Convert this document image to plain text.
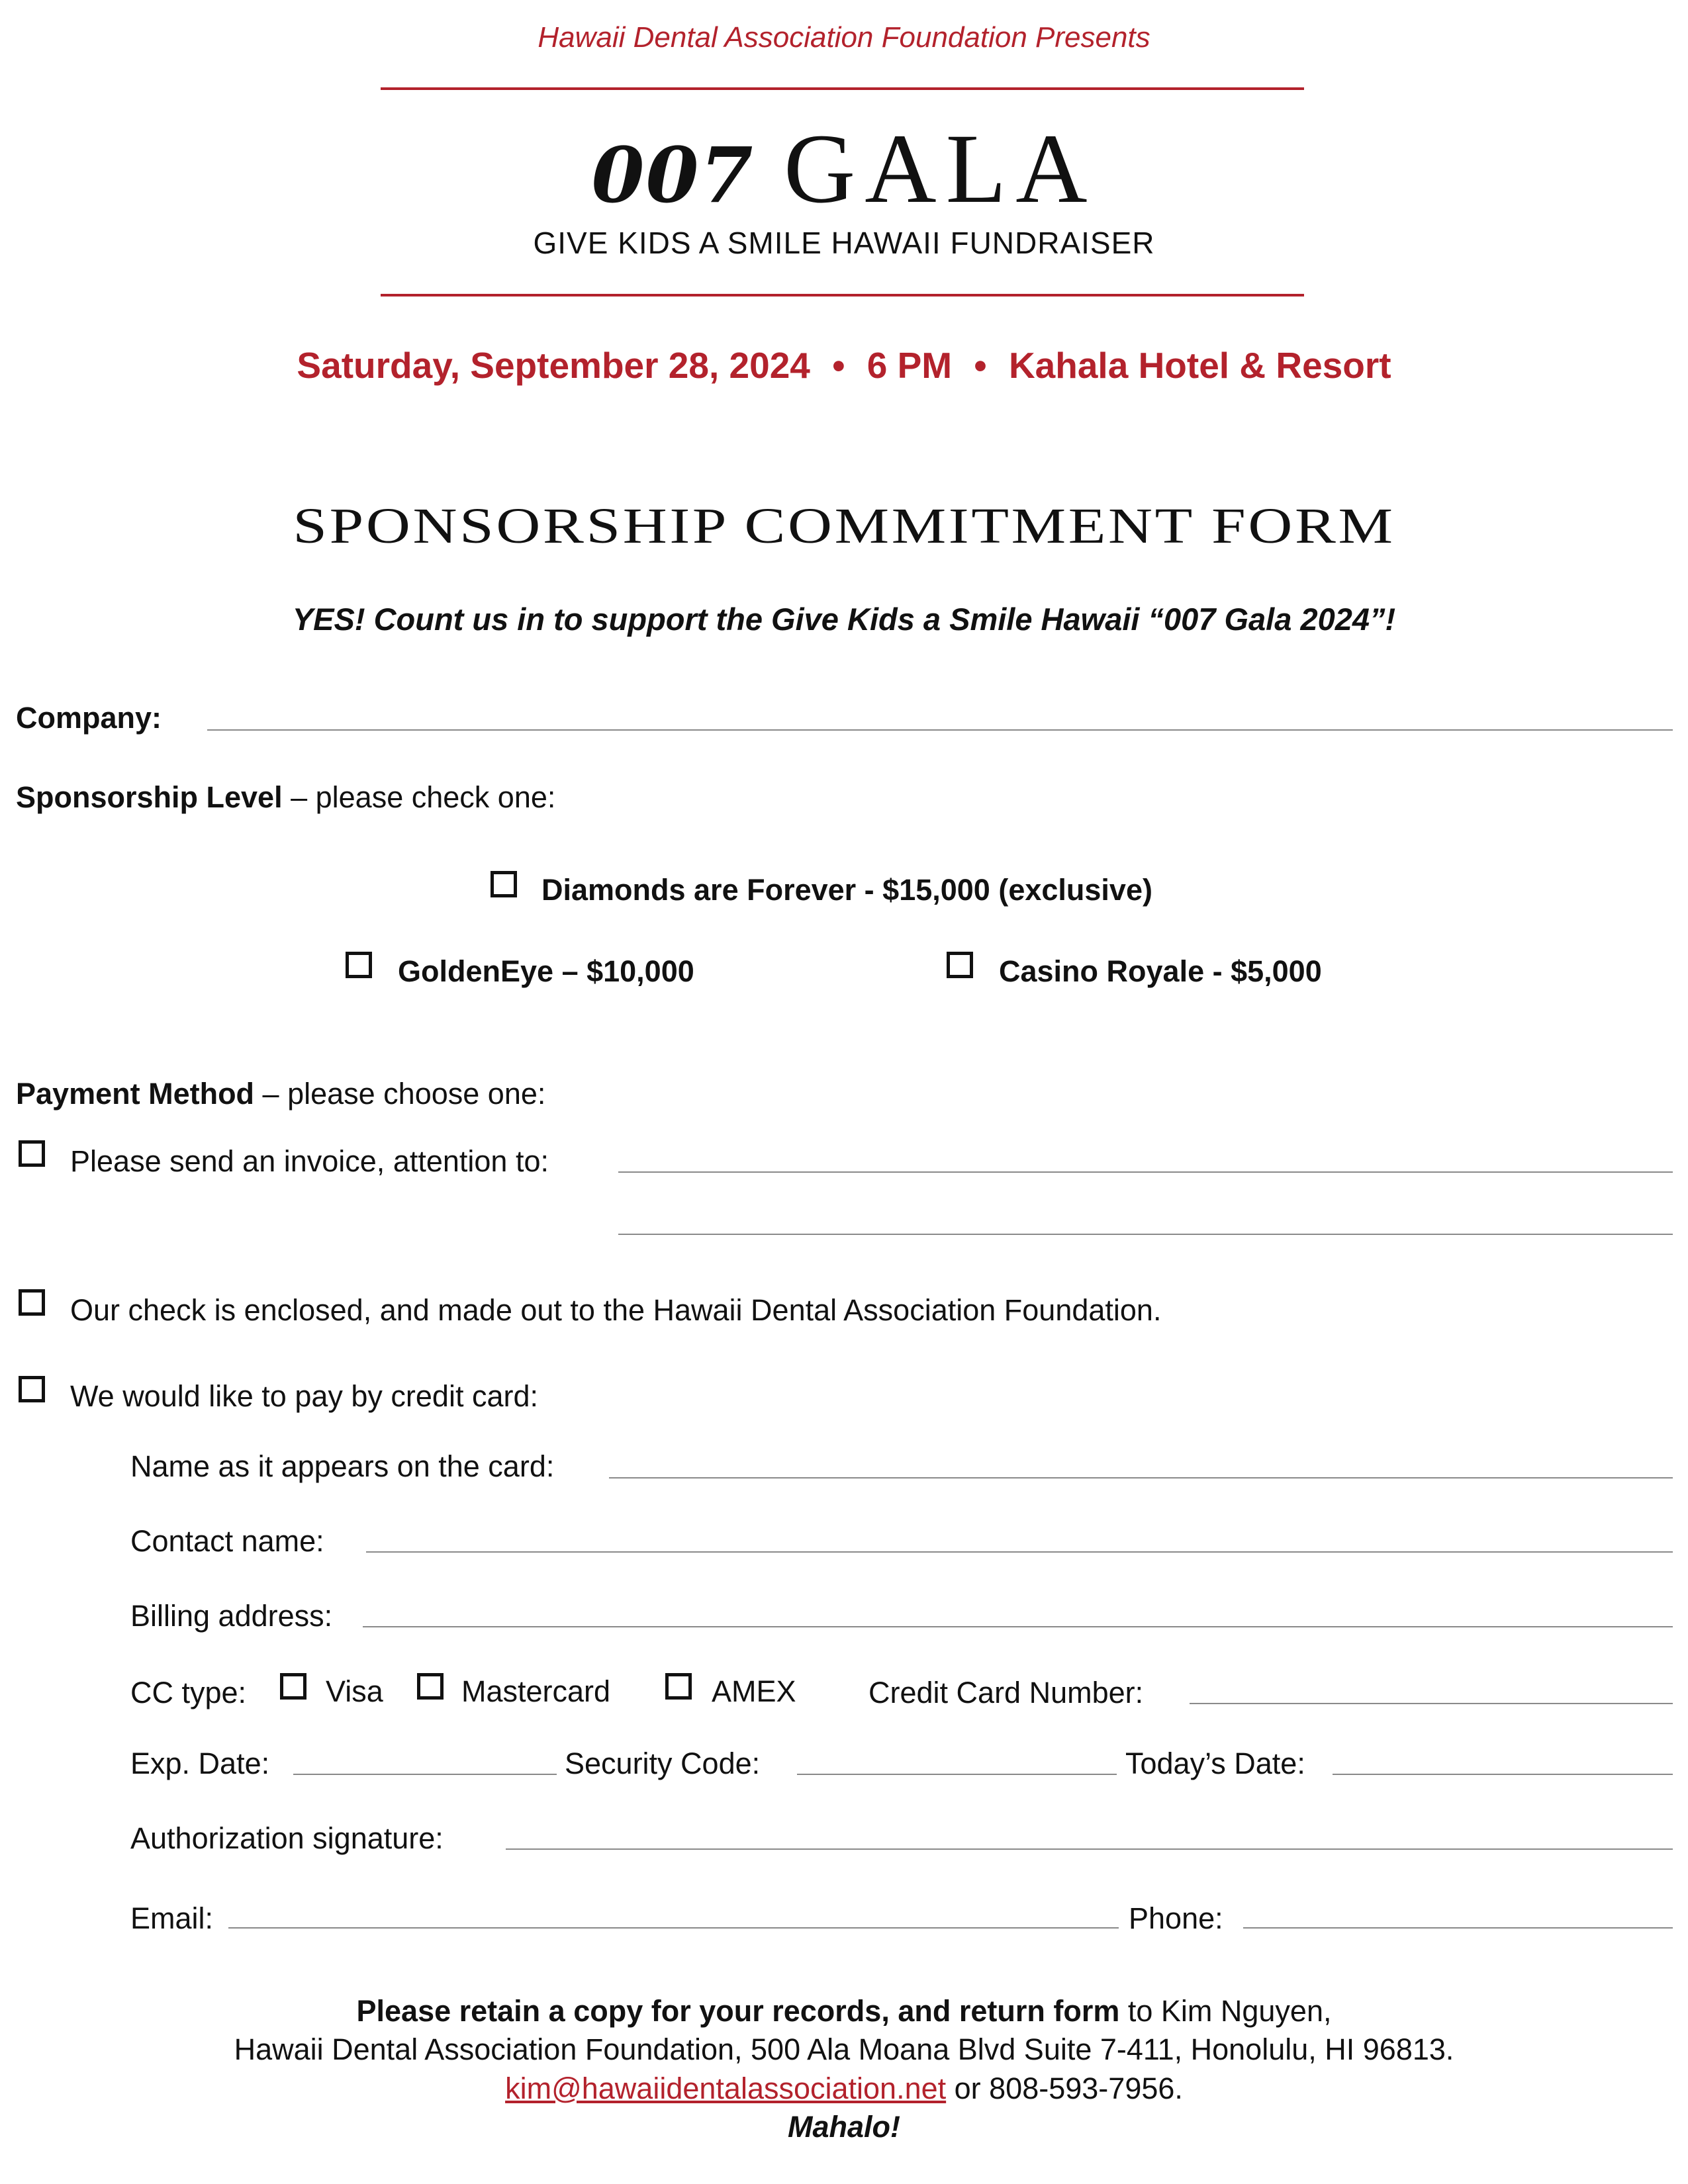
Hawaii Dental Association Foundation Presents
007 GALA
GIVE KIDS A SMILE HAWAII FUNDRAISER
Saturday, September 28, 2024 • 6 PM • Kahala Hotel & Resort
SPONSORSHIP COMMITMENT FORM
YES! Count us in to support the Give Kids a Smile Hawaii “007 Gala 2024”!
Company:
Sponsorship Level – please check one:
Diamonds are Forever - $15,000 (exclusive)
GoldenEye – $10,000	Casino Royale - $5,000
Payment Method – please choose one:
Please send an invoice, attention to:
Our check is enclosed, and made out to the Hawaii Dental Association Foundation.
We would like to pay by credit card:
Name as it appears on the card:
Contact name:
Billing address:
CC type:	Visa	Mastercard	AMEX Credit Card Number:
Exp. Date:	Security Code:	Today’s Date:
Authorization signature:
Email:	Phone:
Please retain a copy for your records, and return form to Kim Nguyen,
Hawaii Dental Association Foundation, 500 Ala Moana Blvd Suite 7-411, Honolulu, HI 96813.
kim@hawaiidentalassociation.net or 808-593-7956.
Mahalo!
